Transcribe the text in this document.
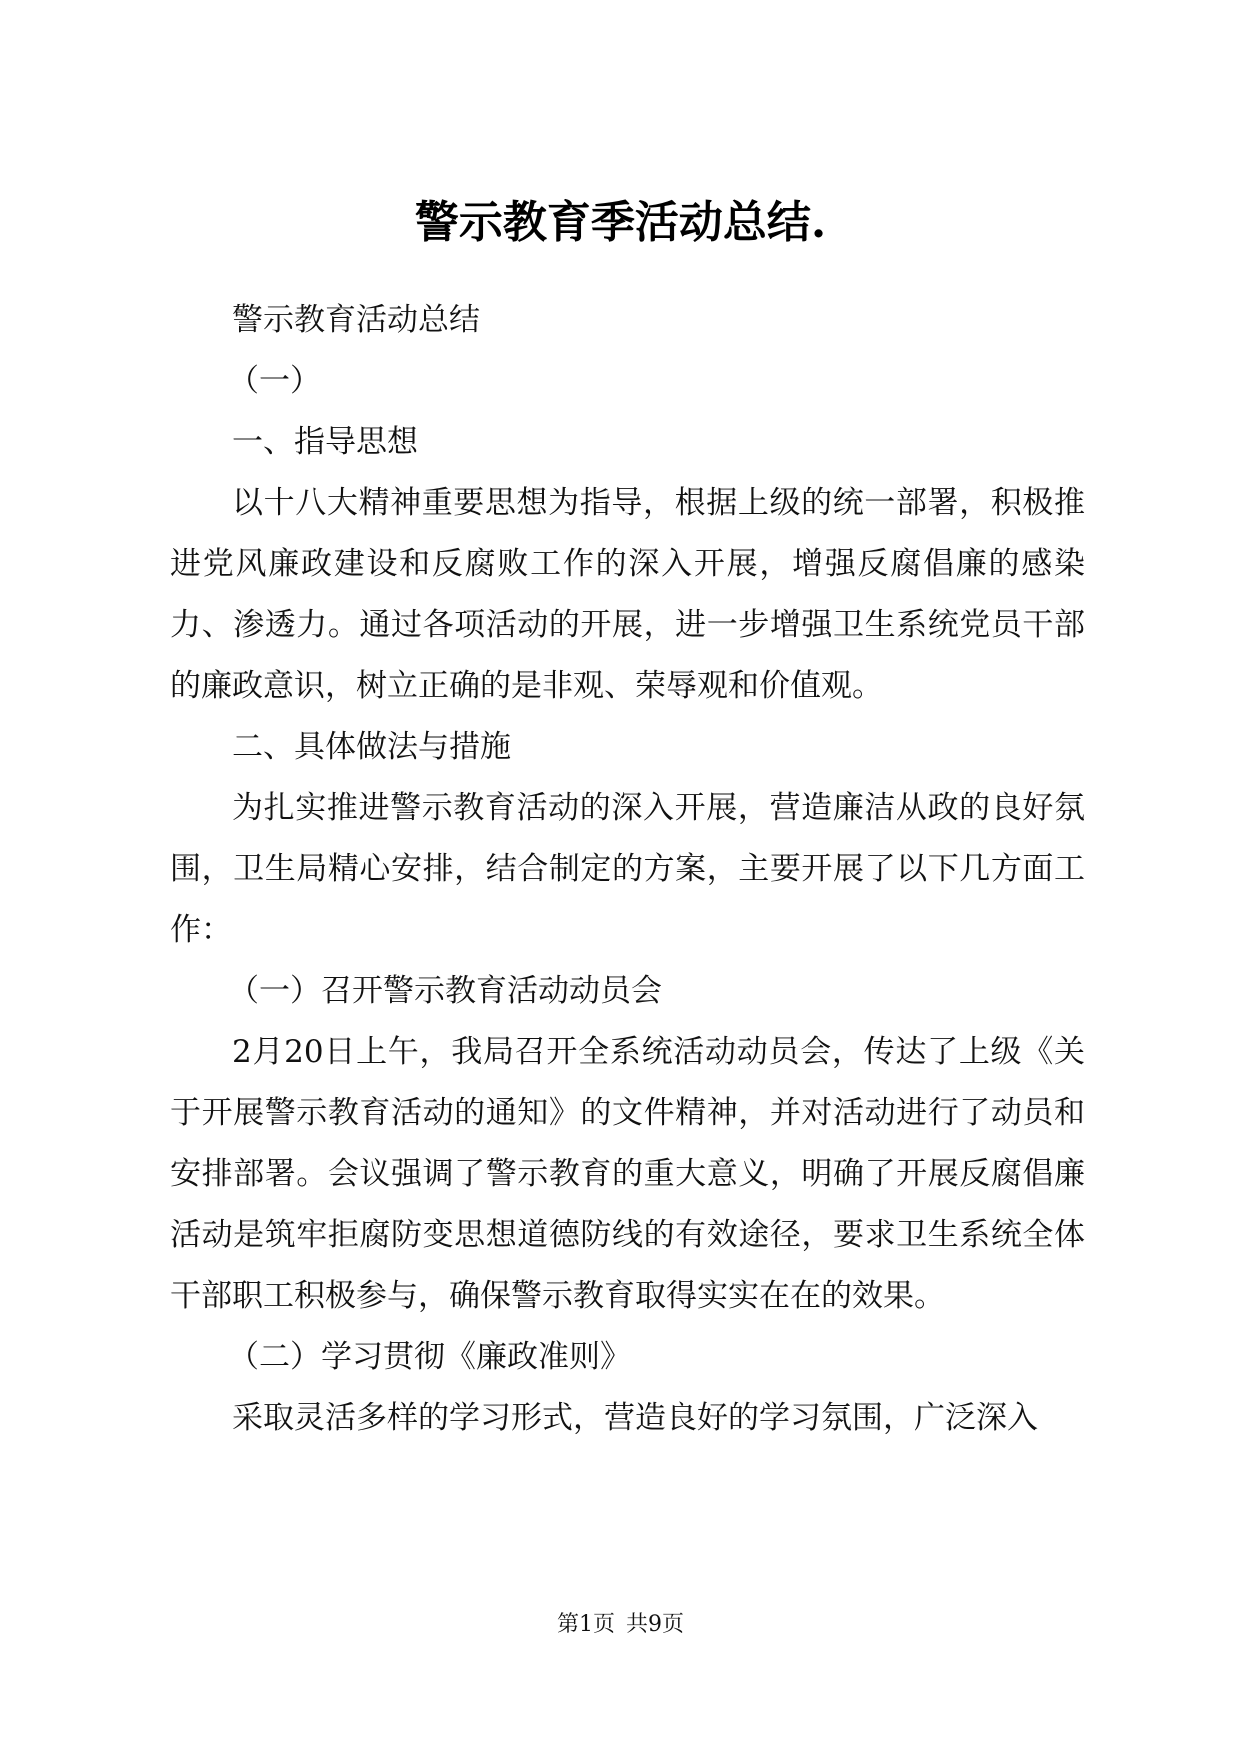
警示教育季活动总结.

警示教育活动总结

（一）

一、指导思想

以十八大精神重要思想为指导，根据上级的统一部署，积极推进党风廉政建设和反腐败工作的深入开展，增强反腐倡廉的感染力、渗透力。通过各项活动的开展，进一步增强卫生系统党员干部的廉政意识，树立正确的是非观、荣辱观和价值观。

二、具体做法与措施

为扎实推进警示教育活动的深入开展，营造廉洁从政的良好氛围，卫生局精心安排，结合制定的方案，主要开展了以下几方面工作：

（一）召开警示教育活动动员会

2月20日上午，我局召开全系统活动动员会，传达了上级《关于开展警示教育活动的通知》的文件精神，并对活动进行了动员和安排部署。会议强调了警示教育的重大意义，明确了开展反腐倡廉活动是筑牢拒腐防变思想道德防线的有效途径，要求卫生系统全体干部职工积极参与，确保警示教育取得实实在在的效果。

（二）学习贯彻《廉政准则》

采取灵活多样的学习形式，营造良好的学习氛围，广泛深入

第1页 共9页
